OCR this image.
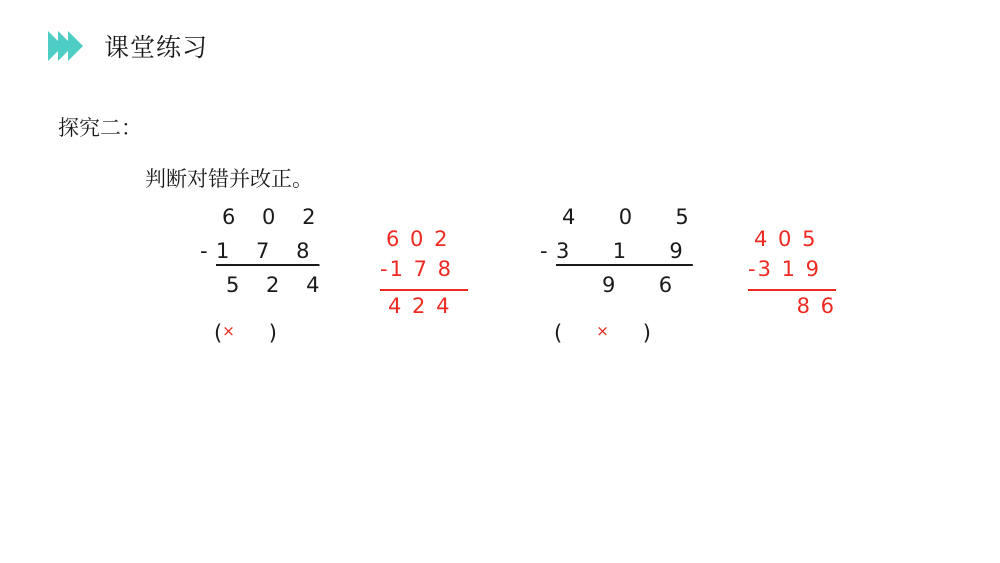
课堂练习
探究二：
判断对错并改正。
6 0 2
- 1 7 8
5 2 4
(× )
6 0 2
-1 7 8
4 2 4
4  0  5
- 3  1  9
9  6
( × )
4 0 5
-3 1 9
8 6
